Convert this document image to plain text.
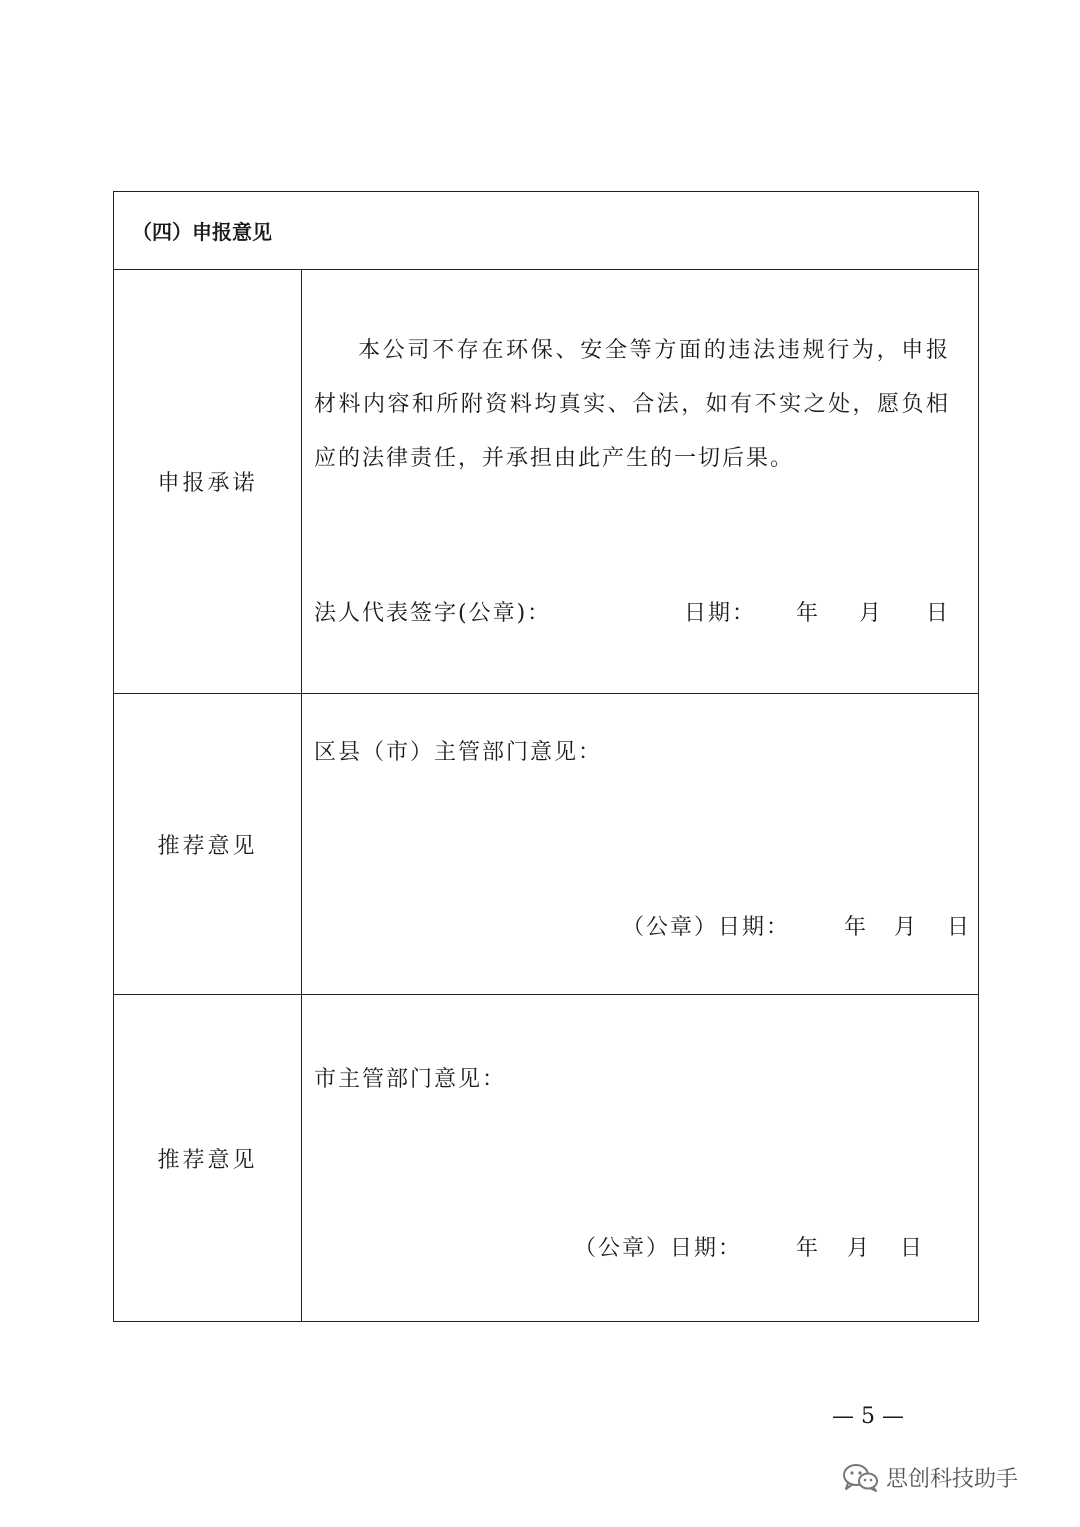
（四）申报意见
申报承诺
本公司不存在环保、安全等方面的违法违规行为，申报材料内容和所附资料均真实、合法，如有不实之处，愿负相应的法律责任，并承担由此产生的一切后果。
法人代表签字(公章)：	日期： 年 月 日
推荐意见
区县（市）主管部门意见：
（公章）日期： 年 月 日
推荐意见
市主管部门意见：
（公章）日期： 年 月 日
— 5 —
思创科技助手
